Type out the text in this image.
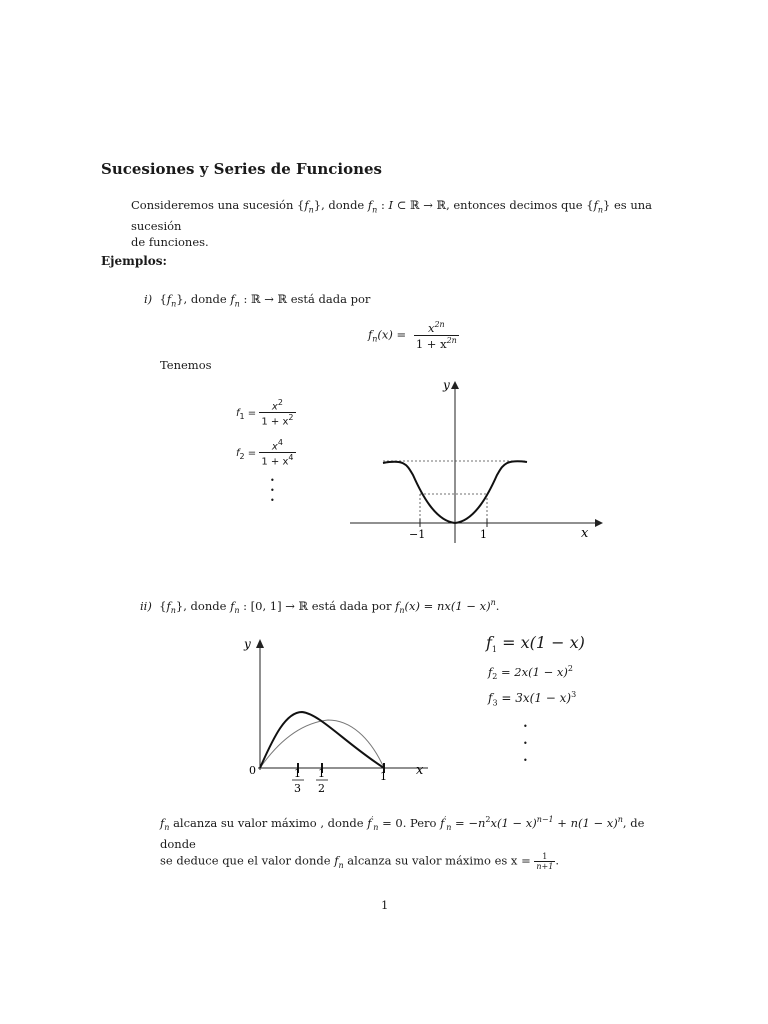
Sucesiones y Series de Funciones
Consideremos una sucesión $\{f_n\}$, donde $f_n$ : I ⊂ ℝ → ℝ, entonces decimos que $\{f_n\}$ es una sucesión
de funciones.
Ejemplos:
i) $\{f_n\}$, donde $f_n$ : ℝ → ℝ está dada por
$f_n(x) = \frac{x^{2n}}{1 + x^{2n}}$
Tenemos
$f_1 = \frac{x^2}{1 + x^2}$
$f_2 = \frac{x^4}{1 + x^4}$
•
•
•
y
x
−1	1
ii) $\{f_n\}$, donde $f_n$ : [0, 1] → ℝ está dada por $f_n(x) = nx(1 - x)^n$.
y
x
0	1
3
1
2
1
$f_1 = x(1 - x)$
$f_2 = 2x(1 - x)^2$
$f_3 = 3x(1 - x)^3$
•
•
•
$f_n$ alcanza su valor máximo , donde $f'_n = 0$. Pero $f'_n = -n^2x(1 - x)^{n-1} + n(1 - x)^n$, de donde
se deduce que el valor donde $f_n$ alcanza su valor máximo es $x = \frac{1}{n+1}$ .
1
